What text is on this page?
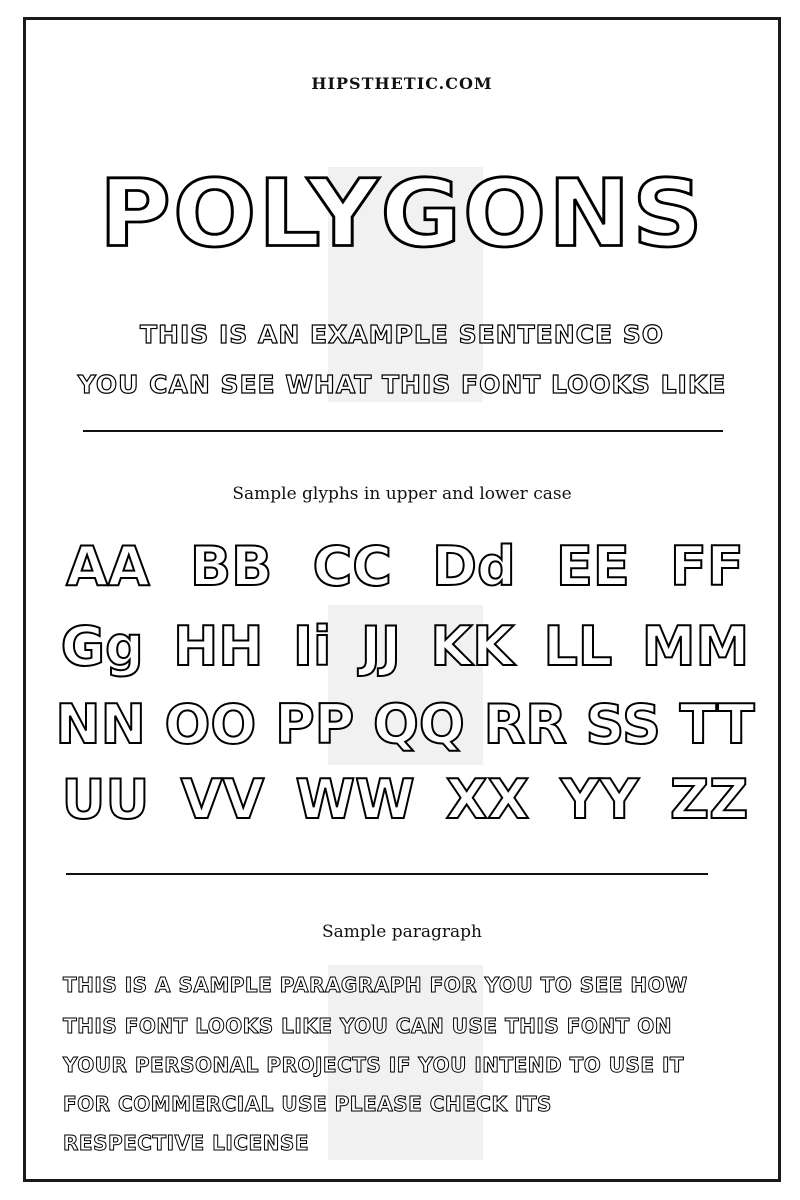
HIPSTHETIC.COM
POLYGONS
THIS IS AN EXAMPLE SENTENCE SO
YOU CAN SEE WHAT THIS FONT LOOKS LIKE
Sample glyphs in upper and lower case
AA BB CC Dd EE FF
Gg HH Ii JJ KK LL MM
NN OO PP QQ RR SS TT
UU VV WW XX YY ZZ
Sample paragraph
THIS IS A SAMPLE PARAGRAPH FOR YOU TO SEE HOW
THIS FONT LOOKS LIKE YOU CAN USE THIS FONT ON
YOUR PERSONAL PROJECTS IF YOU INTEND TO USE IT
FOR COMMERCIAL USE PLEASE CHECK ITS
RESPECTIVE LICENSE
